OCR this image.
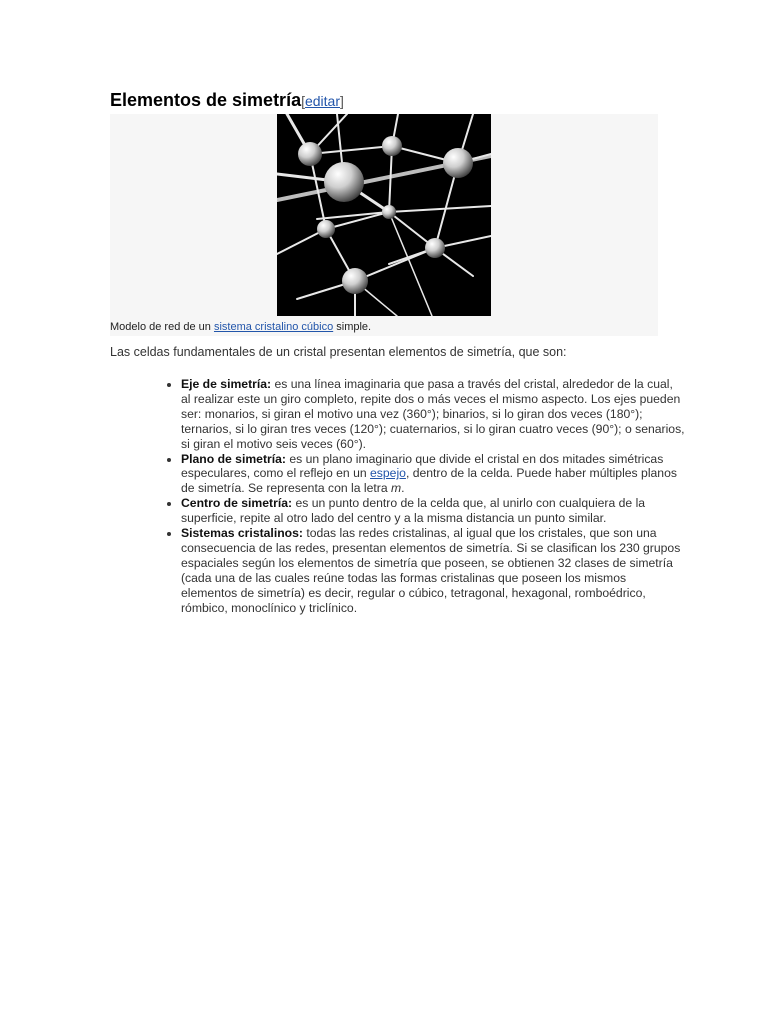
Elementos de simetría[editar]
Modelo de red de un sistema cristalino cúbico simple.

Las celdas fundamentales de un cristal presentan elementos de simetría, que son:

• Eje de simetría: es una línea imaginaria que pasa a través del cristal, alrededor de la cual, al realizar este un giro completo, repite dos o más veces el mismo aspecto. Los ejes pueden ser: monarios, si giran el motivo una vez (360°); binarios, si lo giran dos veces (180°); ternarios, si lo giran tres veces (120°); cuaternarios, si lo giran cuatro veces (90°); o senarios, si giran el motivo seis veces (60°).
• Plano de simetría: es un plano imaginario que divide el cristal en dos mitades simétricas especulares, como el reflejo en un espejo, dentro de la celda. Puede haber múltiples planos de simetría. Se representa con la letra m.
• Centro de simetría: es un punto dentro de la celda que, al unirlo con cualquiera de la superficie, repite al otro lado del centro y a la misma distancia un punto similar.
• Sistemas cristalinos: todas las redes cristalinas, al igual que los cristales, que son una consecuencia de las redes, presentan elementos de simetría. Si se clasifican los 230 grupos espaciales según los elementos de simetría que poseen, se obtienen 32 clases de simetría (cada una de las cuales reúne todas las formas cristalinas que poseen los mismos elementos de simetría) es decir, regular o cúbico, tetragonal, hexagonal, romboédrico, rómbico, monoclínico y triclínico.
